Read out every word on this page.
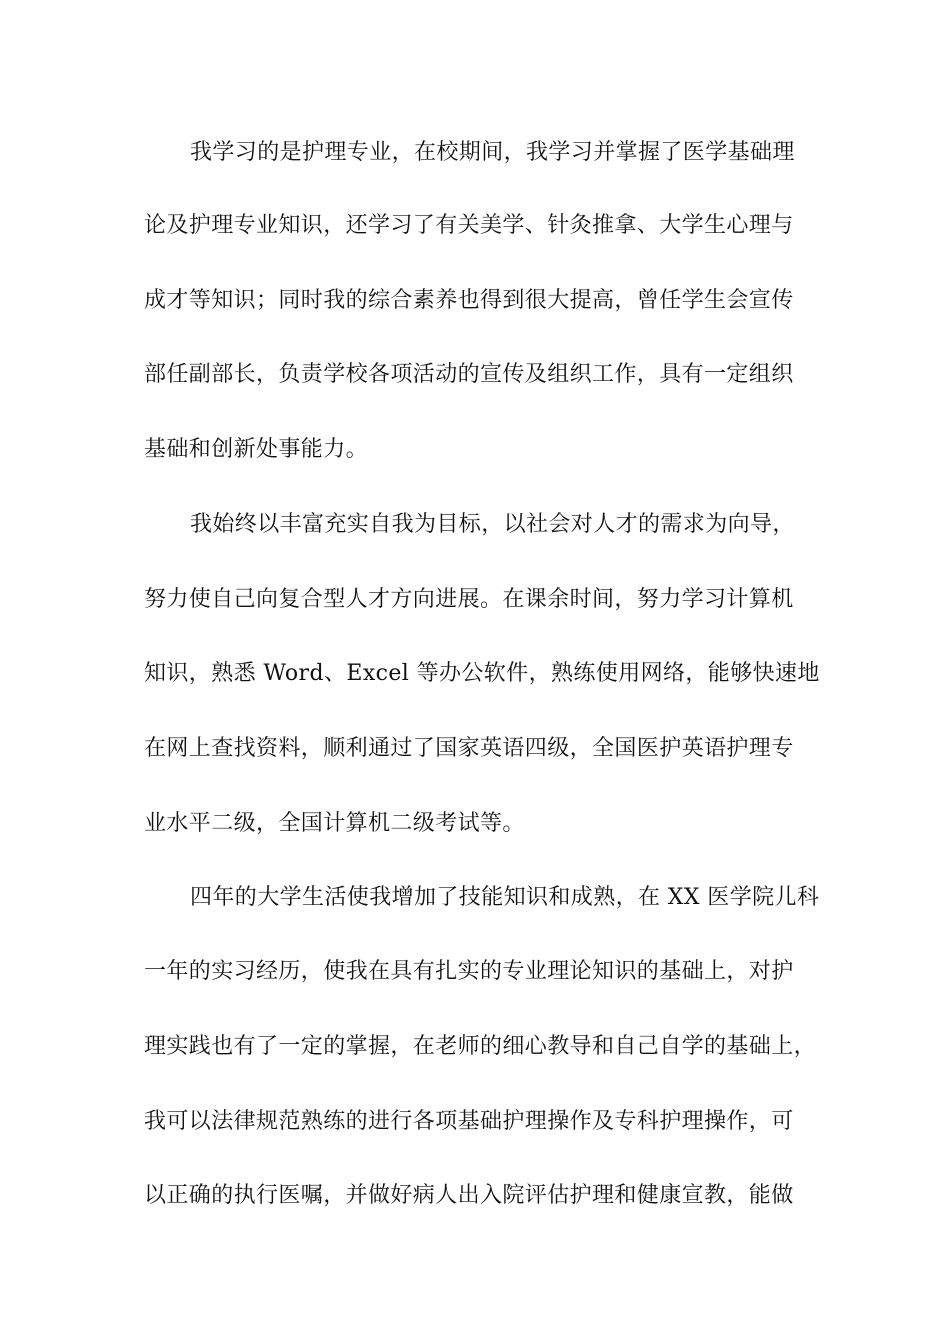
我学习的是护理专业，在校期间，我学习并掌握了医学基础理
论及护理专业知识，还学习了有关美学、针灸推拿、大学生心理与
成才等知识；同时我的综合素养也得到很大提高，曾任学生会宣传
部任副部长，负责学校各项活动的宣传及组织工作，具有一定组织
基础和创新处事能力。
我始终以丰富充实自我为目标，以社会对人才的需求为向导，
努力使自己向复合型人才方向进展。在课余时间，努力学习计算机
知识，熟悉 Word、Excel 等办公软件，熟练使用网络，能够快速地
在网上查找资料，顺利通过了国家英语四级，全国医护英语护理专
业水平二级，全国计算机二级考试等。
四年的大学生活使我增加了技能知识和成熟，在 XX 医学院儿科
一年的实习经历，使我在具有扎实的专业理论知识的基础上，对护
理实践也有了一定的掌握，在老师的细心教导和自己自学的基础上，
我可以法律规范熟练的进行各项基础护理操作及专科护理操作，可
以正确的执行医嘱，并做好病人出入院评估护理和健康宣教，能做
